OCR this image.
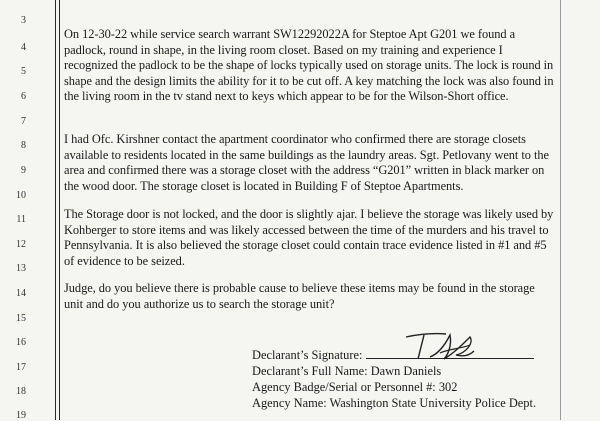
3
4
5
6
7
8
9
10
11
12
13
14
15
16
17
18
19

On 12-30-22 while service search warrant SW12292022A for Steptoe Apt G201 we found a padlock, round in shape, in the living room closet. Based on my training and experience I recognized the padlock to be the shape of locks typically used on storage units. The lock is round in shape and the design limits the ability for it to be cut off. A key matching the lock was also found in the living room in the tv stand next to keys which appear to be for the Wilson-Short office.

I had Ofc. Kirshner contact the apartment coordinator who confirmed there are storage closets available to residents located in the same buildings as the laundry areas. Sgt. Petlovany went to the area and confirmed there was a storage closet with the address “G201” written in black marker on the wood door. The storage closet is located in Building F of Steptoe Apartments.

The Storage door is not locked, and the door is slightly ajar. I believe the storage was likely used by Kohberger to store items and was likely accessed between the time of the murders and his travel to Pennsylvania. It is also believed the storage closet could contain trace evidence listed in #1 and #5 of evidence to be seized.

Judge, do you believe there is probable cause to believe these items may be found in the storage unit and do you authorize us to search the storage unit?

Declarant’s Signature:
Declarant’s Full Name: Dawn Daniels
Agency Badge/Serial or Personnel #: 302
Agency Name: Washington State University Police Dept.
